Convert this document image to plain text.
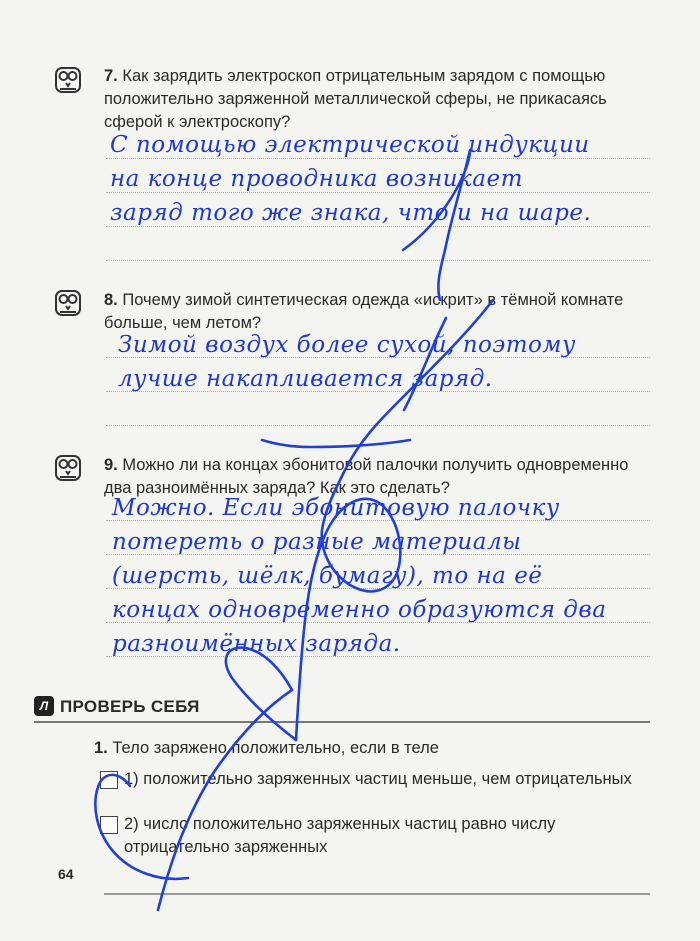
7. Как зарядить электроскоп отрицательным зарядом с помощью положительно заряженной металлической сферы, не прикасаясь сферой к электроскопу?
С помощью электрической индукции
на конце проводника возникает
заряд того же знака, что и на шаре.
8. Почему зимой синтетическая одежда «искрит» в тёмной комнате больше, чем летом?
Зимой воздух более сухой, поэтому
лучше накапливается заряд.
9. Можно ли на концах эбонитовой палочки получить одновременно два разноимённых заряда? Как это сделать?
Можно. Если эбонитовую палочку
потереть о разные материалы
(шерсть, шёлк, бумагу), то на её
концах одновременно образуются два
разноимённых заряда.
Л ПРОВЕРЬ СЕБЯ
1. Тело заряжено положительно, если в теле
1) положительно заряженных частиц меньше, чем отрицательных
2) число положительно заряженных частиц равно числу отрицательно заряженных
64
